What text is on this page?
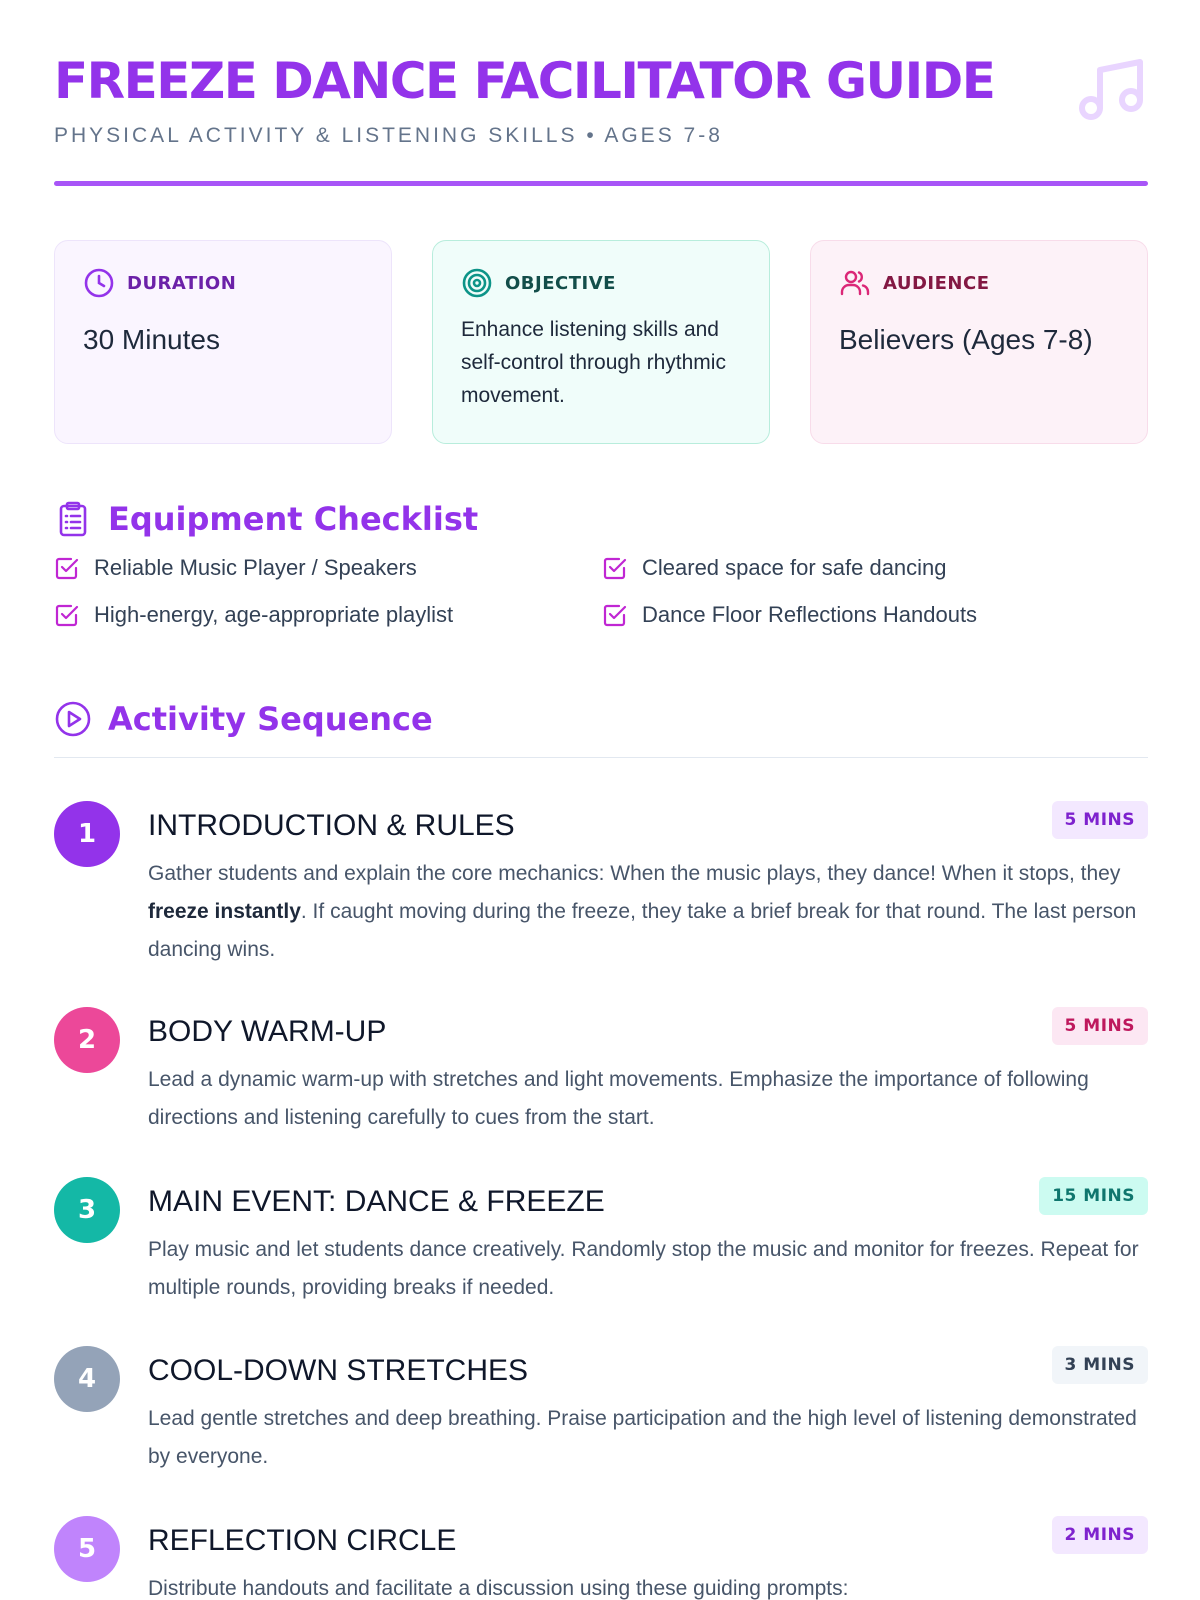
FREEZE DANCE FACILITATOR GUIDE
PHYSICAL ACTIVITY & LISTENING SKILLS • AGES 7-8
DURATION
30 Minutes
OBJECTIVE
Enhance listening skills and self-control through rhythmic movement.
AUDIENCE
Believers (Ages 7-8)
Equipment Checklist
Reliable Music Player / Speakers	Cleared space for safe dancing
High-energy, age-appropriate playlist	Dance Floor Reflections Handouts
Activity Sequence
1	INTRODUCTION & RULES	5 MINS
Gather students and explain the core mechanics: When the music plays, they dance! When it stops, they freeze instantly. If caught moving during the freeze, they take a brief break for that round. The last person dancing wins.
2	BODY WARM-UP	5 MINS
Lead a dynamic warm-up with stretches and light movements. Emphasize the importance of following directions and listening carefully to cues from the start.
3	MAIN EVENT: DANCE & FREEZE	15 MINS
Play music and let students dance creatively. Randomly stop the music and monitor for freezes. Repeat for multiple rounds, providing breaks if needed.
4	COOL-DOWN STRETCHES	3 MINS
Lead gentle stretches and deep breathing. Praise participation and the high level of listening demonstrated by everyone.
5	REFLECTION CIRCLE	2 MINS
Distribute handouts and facilitate a discussion using these guiding prompts:
